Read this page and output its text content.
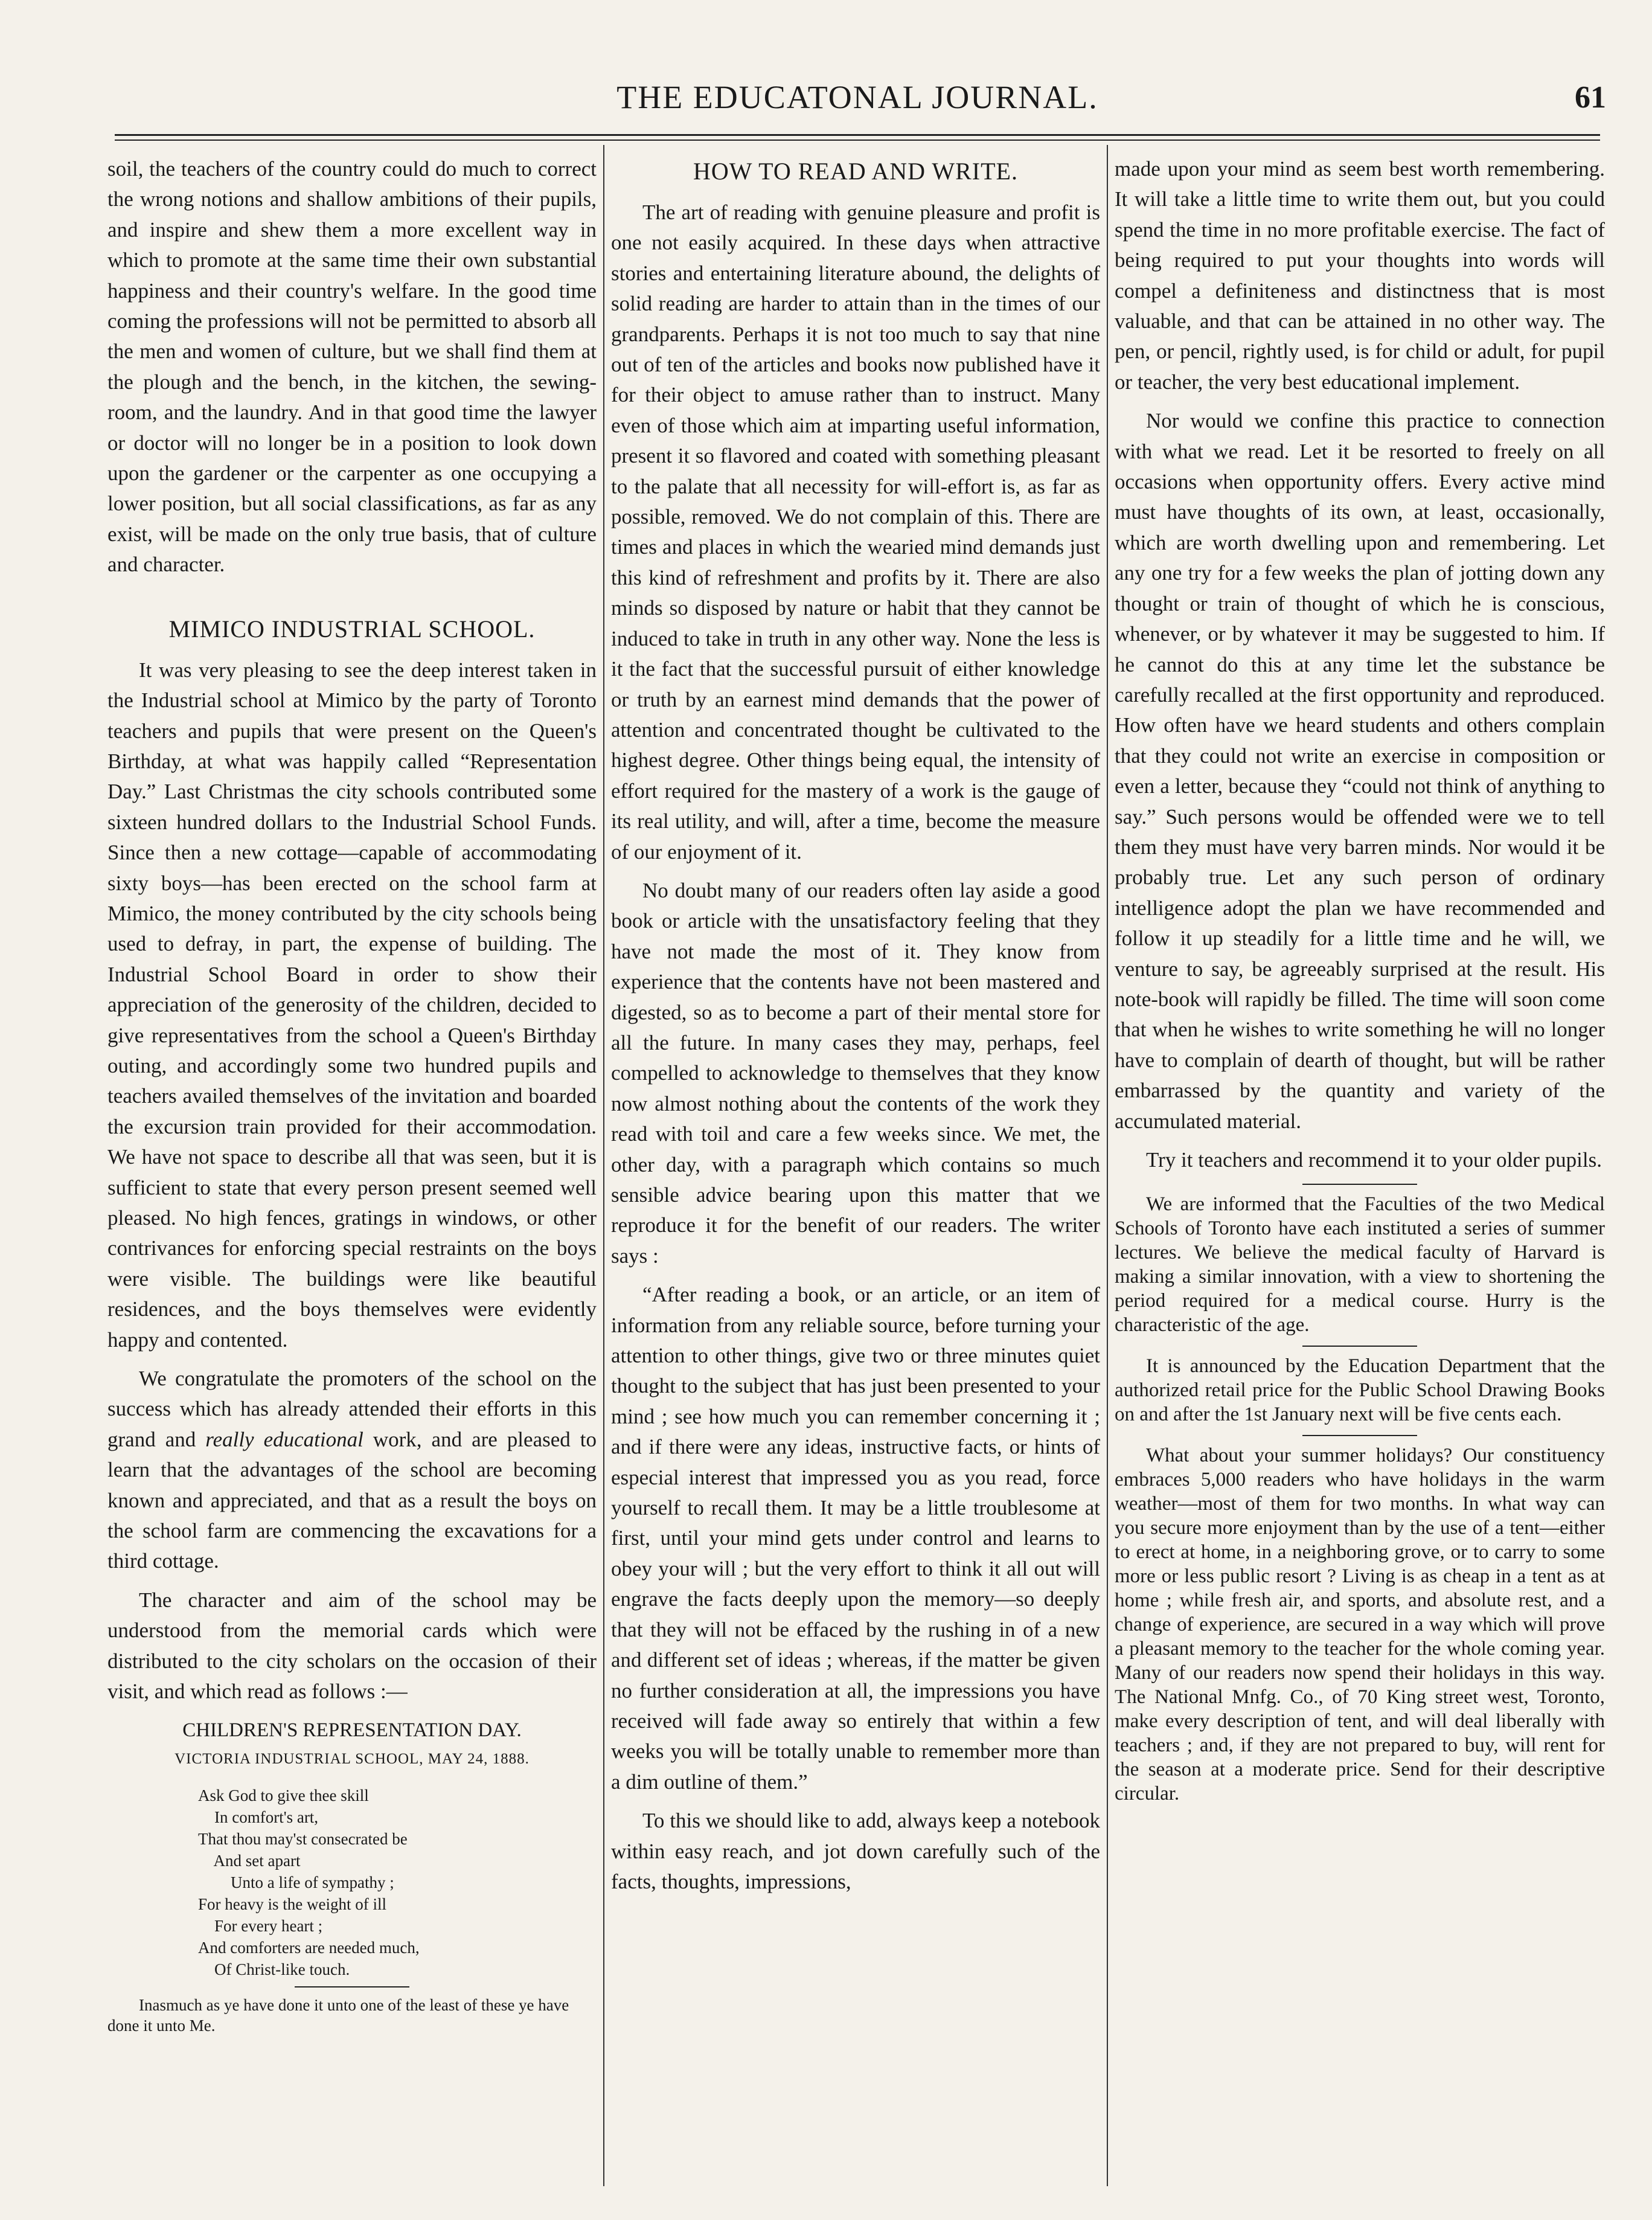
THE EDUCATONAL JOURNAL.	61

soil, the teachers of the country could do much to correct the wrong notions and shallow ambitions of their pupils, and inspire and shew them a more excellent way in which to promote at the same time their own substantial happiness and their country's welfare. In the good time coming the professions will not be permitted to absorb all the men and women of culture, but we shall find them at the plough and the bench, in the kitchen, the sewing-room, and the laundry. And in that good time the lawyer or doctor will no longer be in a position to look down upon the gardener or the carpenter as one occupying a lower position, but all social classifications, as far as any exist, will be made on the only true basis, that of culture and character.

MIMICO INDUSTRIAL SCHOOL.

It was very pleasing to see the deep interest taken in the Industrial school at Mimico by the party of Toronto teachers and pupils that were present on the Queen's Birthday, at what was happily called “Representation Day.” Last Christmas the city schools contributed some sixteen hundred dollars to the Industrial School Funds. Since then a new cottage—capable of accommodating sixty boys—has been erected on the school farm at Mimico, the money contributed by the city schools being used to defray, in part, the expense of building. The Industrial School Board in order to show their appreciation of the generosity of the children, decided to give representatives from the school a Queen's Birthday outing, and accordingly some two hundred pupils and teachers availed themselves of the invitation and boarded the excursion train provided for their accommodation. We have not space to describe all that was seen, but it is sufficient to state that every person present seemed well pleased. No high fences, gratings in windows, or other contrivances for enforcing special restraints on the boys were visible. The buildings were like beautiful residences, and the boys themselves were evidently happy and contented.

We congratulate the promoters of the school on the success which has already attended their efforts in this grand and really educational work, and are pleased to learn that the advantages of the school are becoming known and appreciated, and that as a result the boys on the school farm are commencing the excavations for a third cottage.

The character and aim of the school may be understood from the memorial cards which were distributed to the city scholars on the occasion of their visit, and which read as follows :—

CHILDREN'S REPRESENTATION DAY.
VICTORIA INDUSTRIAL SCHOOL, MAY 24, 1888.
Ask God to give thee skill
In comfort's art,
That thou may'st consecrated be
And set apart
Unto a life of sympathy ;
For heavy is the weight of ill
For every heart ;
And comforters are needed much,
Of Christ-like touch.

Inasmuch as ye have done it unto one of the least of these ye have done it unto Me.

HOW TO READ AND WRITE.

The art of reading with genuine pleasure and profit is one not easily acquired. In these days when attractive stories and entertaining literature abound, the delights of solid reading are harder to attain than in the times of our grandparents. Perhaps it is not too much to say that nine out of ten of the articles and books now published have it for their object to amuse rather than to instruct. Many even of those which aim at imparting useful information, present it so flavored and coated with something pleasant to the palate that all necessity for will-effort is, as far as possible, removed. We do not complain of this. There are times and places in which the wearied mind demands just this kind of refreshment and profits by it. There are also minds so disposed by nature or habit that they cannot be induced to take in truth in any other way. None the less is it the fact that the successful pursuit of either knowledge or truth by an earnest mind demands that the power of attention and concentrated thought be cultivated to the highest degree. Other things being equal, the intensity of effort required for the mastery of a work is the gauge of its real utility, and will, after a time, become the measure of our enjoyment of it.

No doubt many of our readers often lay aside a good book or article with the unsatisfactory feeling that they have not made the most of it. They know from experience that the contents have not been mastered and digested, so as to become a part of their mental store for all the future. In many cases they may, perhaps, feel compelled to acknowledge to themselves that they know now almost nothing about the contents of the work they read with toil and care a few weeks since. We met, the other day, with a paragraph which contains so much sensible advice bearing upon this matter that we reproduce it for the benefit of our readers. The writer says :

“After reading a book, or an article, or an item of information from any reliable source, before turning your attention to other things, give two or three minutes quiet thought to the subject that has just been presented to your mind ; see how much you can remember concerning it ; and if there were any ideas, instructive facts, or hints of especial interest that impressed you as you read, force yourself to recall them. It may be a little troublesome at first, until your mind gets under control and learns to obey your will ; but the very effort to think it all out will engrave the facts deeply upon the memory—so deeply that they will not be effaced by the rushing in of a new and different set of ideas ; whereas, if the matter be given no further consideration at all, the impressions you have received will fade away so entirely that within a few weeks you will be totally unable to remember more than a dim outline of them.”

To this we should like to add, always keep a notebook within easy reach, and jot down carefully such of the facts, thoughts, impressions,

made upon your mind as seem best worth remembering. It will take a little time to write them out, but you could spend the time in no more profitable exercise. The fact of being required to put your thoughts into words will compel a definiteness and distinctness that is most valuable, and that can be attained in no other way. The pen, or pencil, rightly used, is for child or adult, for pupil or teacher, the very best educational implement.

Nor would we confine this practice to connection with what we read. Let it be resorted to freely on all occasions when opportunity offers. Every active mind must have thoughts of its own, at least, occasionally, which are worth dwelling upon and remembering. Let any one try for a few weeks the plan of jotting down any thought or train of thought of which he is conscious, whenever, or by whatever it may be suggested to him. If he cannot do this at any time let the substance be carefully recalled at the first opportunity and reproduced. How often have we heard students and others complain that they could not write an exercise in composition or even a letter, because they “could not think of anything to say.” Such persons would be offended were we to tell them they must have very barren minds. Nor would it be probably true. Let any such person of ordinary intelligence adopt the plan we have recommended and follow it up steadily for a little time and he will, we venture to say, be agreeably surprised at the result. His note-book will rapidly be filled. The time will soon come that when he wishes to write something he will no longer have to complain of dearth of thought, but will be rather embarrassed by the quantity and variety of the accumulated material.

Try it teachers and recommend it to your older pupils.

We are informed that the Faculties of the two Medical Schools of Toronto have each instituted a series of summer lectures. We believe the medical faculty of Harvard is making a similar innovation, with a view to shortening the period required for a medical course. Hurry is the characteristic of the age.

It is announced by the Education Department that the authorized retail price for the Public School Drawing Books on and after the 1st January next will be five cents each.

What about your summer holidays? Our constituency embraces 5,000 readers who have holidays in the warm weather—most of them for two months. In what way can you secure more enjoyment than by the use of a tent—either to erect at home, in a neighboring grove, or to carry to some more or less public resort ? Living is as cheap in a tent as at home ; while fresh air, and sports, and absolute rest, and a change of experience, are secured in a way which will prove a pleasant memory to the teacher for the whole coming year. Many of our readers now spend their holidays in this way. The National Mnfg. Co., of 70 King street west, Toronto, make every description of tent, and will deal liberally with teachers ; and, if they are not prepared to buy, will rent for the season at a moderate price. Send for their descriptive circular.
